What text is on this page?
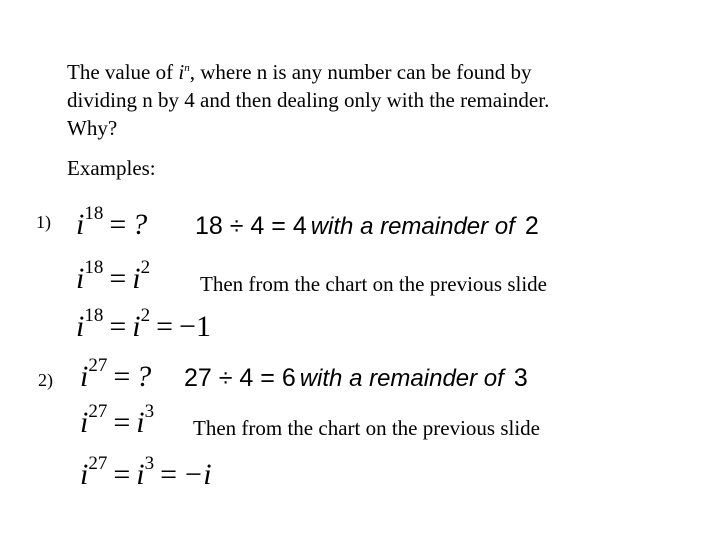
The value of $i^n$, where n is any number can be found by
dividing n by 4 and then dealing only with the remainder.
Why?
Examples:
1) $i^{18}$ = ? 18 ÷ 4 = 4 with a remainder of 2
$i^{18} = i^2$
Then from the chart on the previous slide
$i^{18} = i^2 = -1$
2) $i^{27}$ = ? 27 ÷ 4 = 6 with a remainder of 3
$i^{27} = i^3$
Then from the chart on the previous slide
$i^{27} = i^3 = -i$
